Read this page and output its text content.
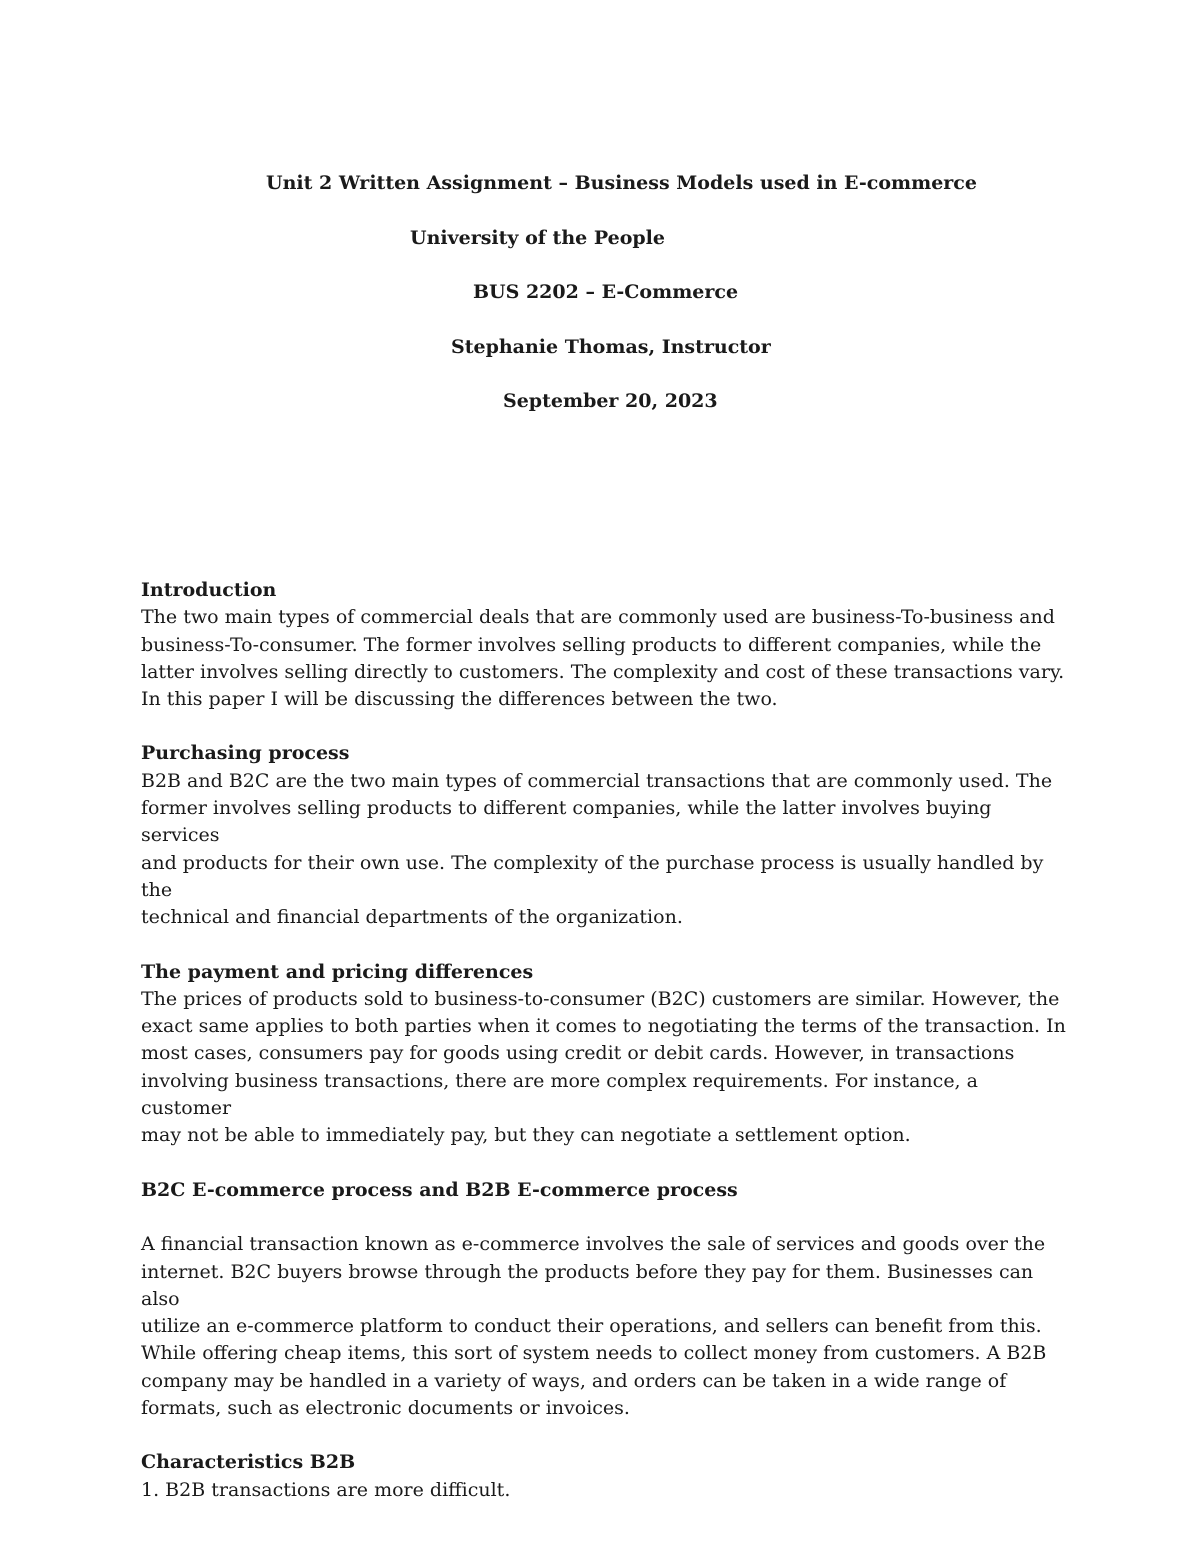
Unit 2 Written Assignment – Business Models used in E-commerce
University of the People
BUS 2202 – E-Commerce
Stephanie Thomas, Instructor
September 20, 2023
Introduction
The two main types of commercial deals that are commonly used are business-To-business and
business-To-consumer. The former involves selling products to different companies, while the
latter involves selling directly to customers. The complexity and cost of these transactions vary.
In this paper I will be discussing the differences between the two.
Purchasing process
B2B and B2C are the two main types of commercial transactions that are commonly used. The
former involves selling products to different companies, while the latter involves buying services
and products for their own use. The complexity of the purchase process is usually handled by the
technical and financial departments of the organization.
The payment and pricing differences
The prices of products sold to business-to-consumer (B2C) customers are similar. However, the
exact same applies to both parties when it comes to negotiating the terms of the transaction. In
most cases, consumers pay for goods using credit or debit cards. However, in transactions
involving business transactions, there are more complex requirements. For instance, a customer
may not be able to immediately pay, but they can negotiate a settlement option.
B2C E-commerce process and B2B E-commerce process
A financial transaction known as e-commerce involves the sale of services and goods over the
internet. B2C buyers browse through the products before they pay for them. Businesses can also
utilize an e-commerce platform to conduct their operations, and sellers can benefit from this.
While offering cheap items, this sort of system needs to collect money from customers. A B2B
company may be handled in a variety of ways, and orders can be taken in a wide range of
formats, such as electronic documents or invoices.
Characteristics B2B
1. B2B transactions are more difficult.
